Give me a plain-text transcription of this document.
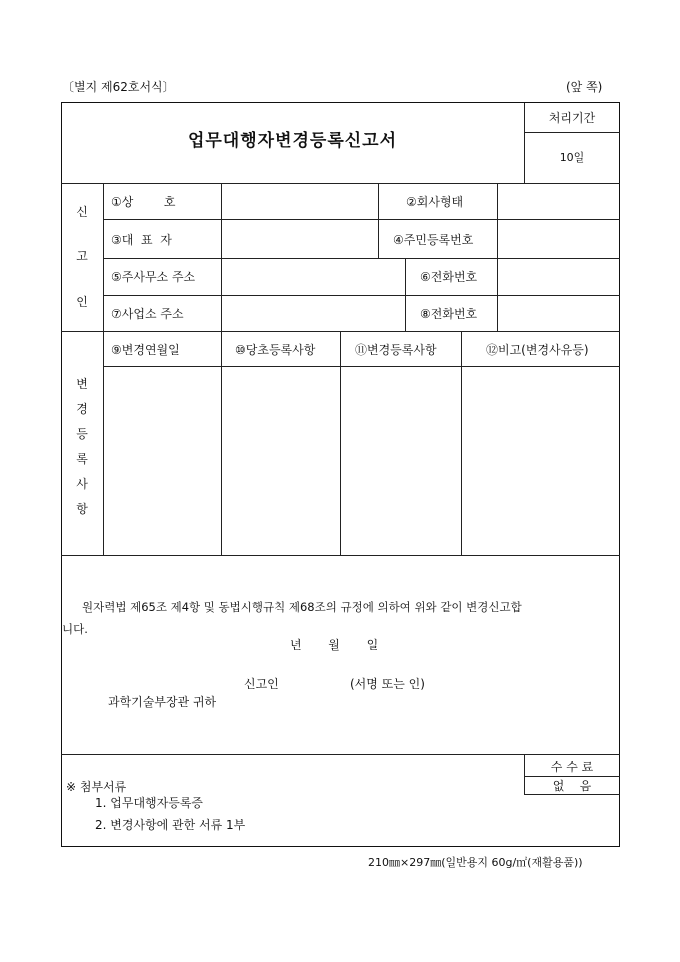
〔별지 제62호서식〕	(앞 쪽)
업무대행자변경등록신고서
처리기간
10일
신
고
인
①상        호	②회사형태
③대  표  자	④주민등록번호
⑤주사무소 주소	⑥전화번호
⑦사업소 주소	⑧전화번호
변
경
등
록
사
항
⑨변경연월일	⑩당초등록사항	⑪변경등록사항	⑫비고(변경사유등)
원자력법 제65조 제4항 및 동법시행규칙 제68조의 규정에 의하여 위와 같이 변경신고합
니다.
년       월       일
신고인	(서명 또는 인)
과학기술부장관 귀하
수 수 료
없    음
※ 첨부서류
1. 업무대행자등록증
2. 변경사항에 관한 서류 1부
210㎜×297㎜(일반용지 60g/㎡(재활용품))
